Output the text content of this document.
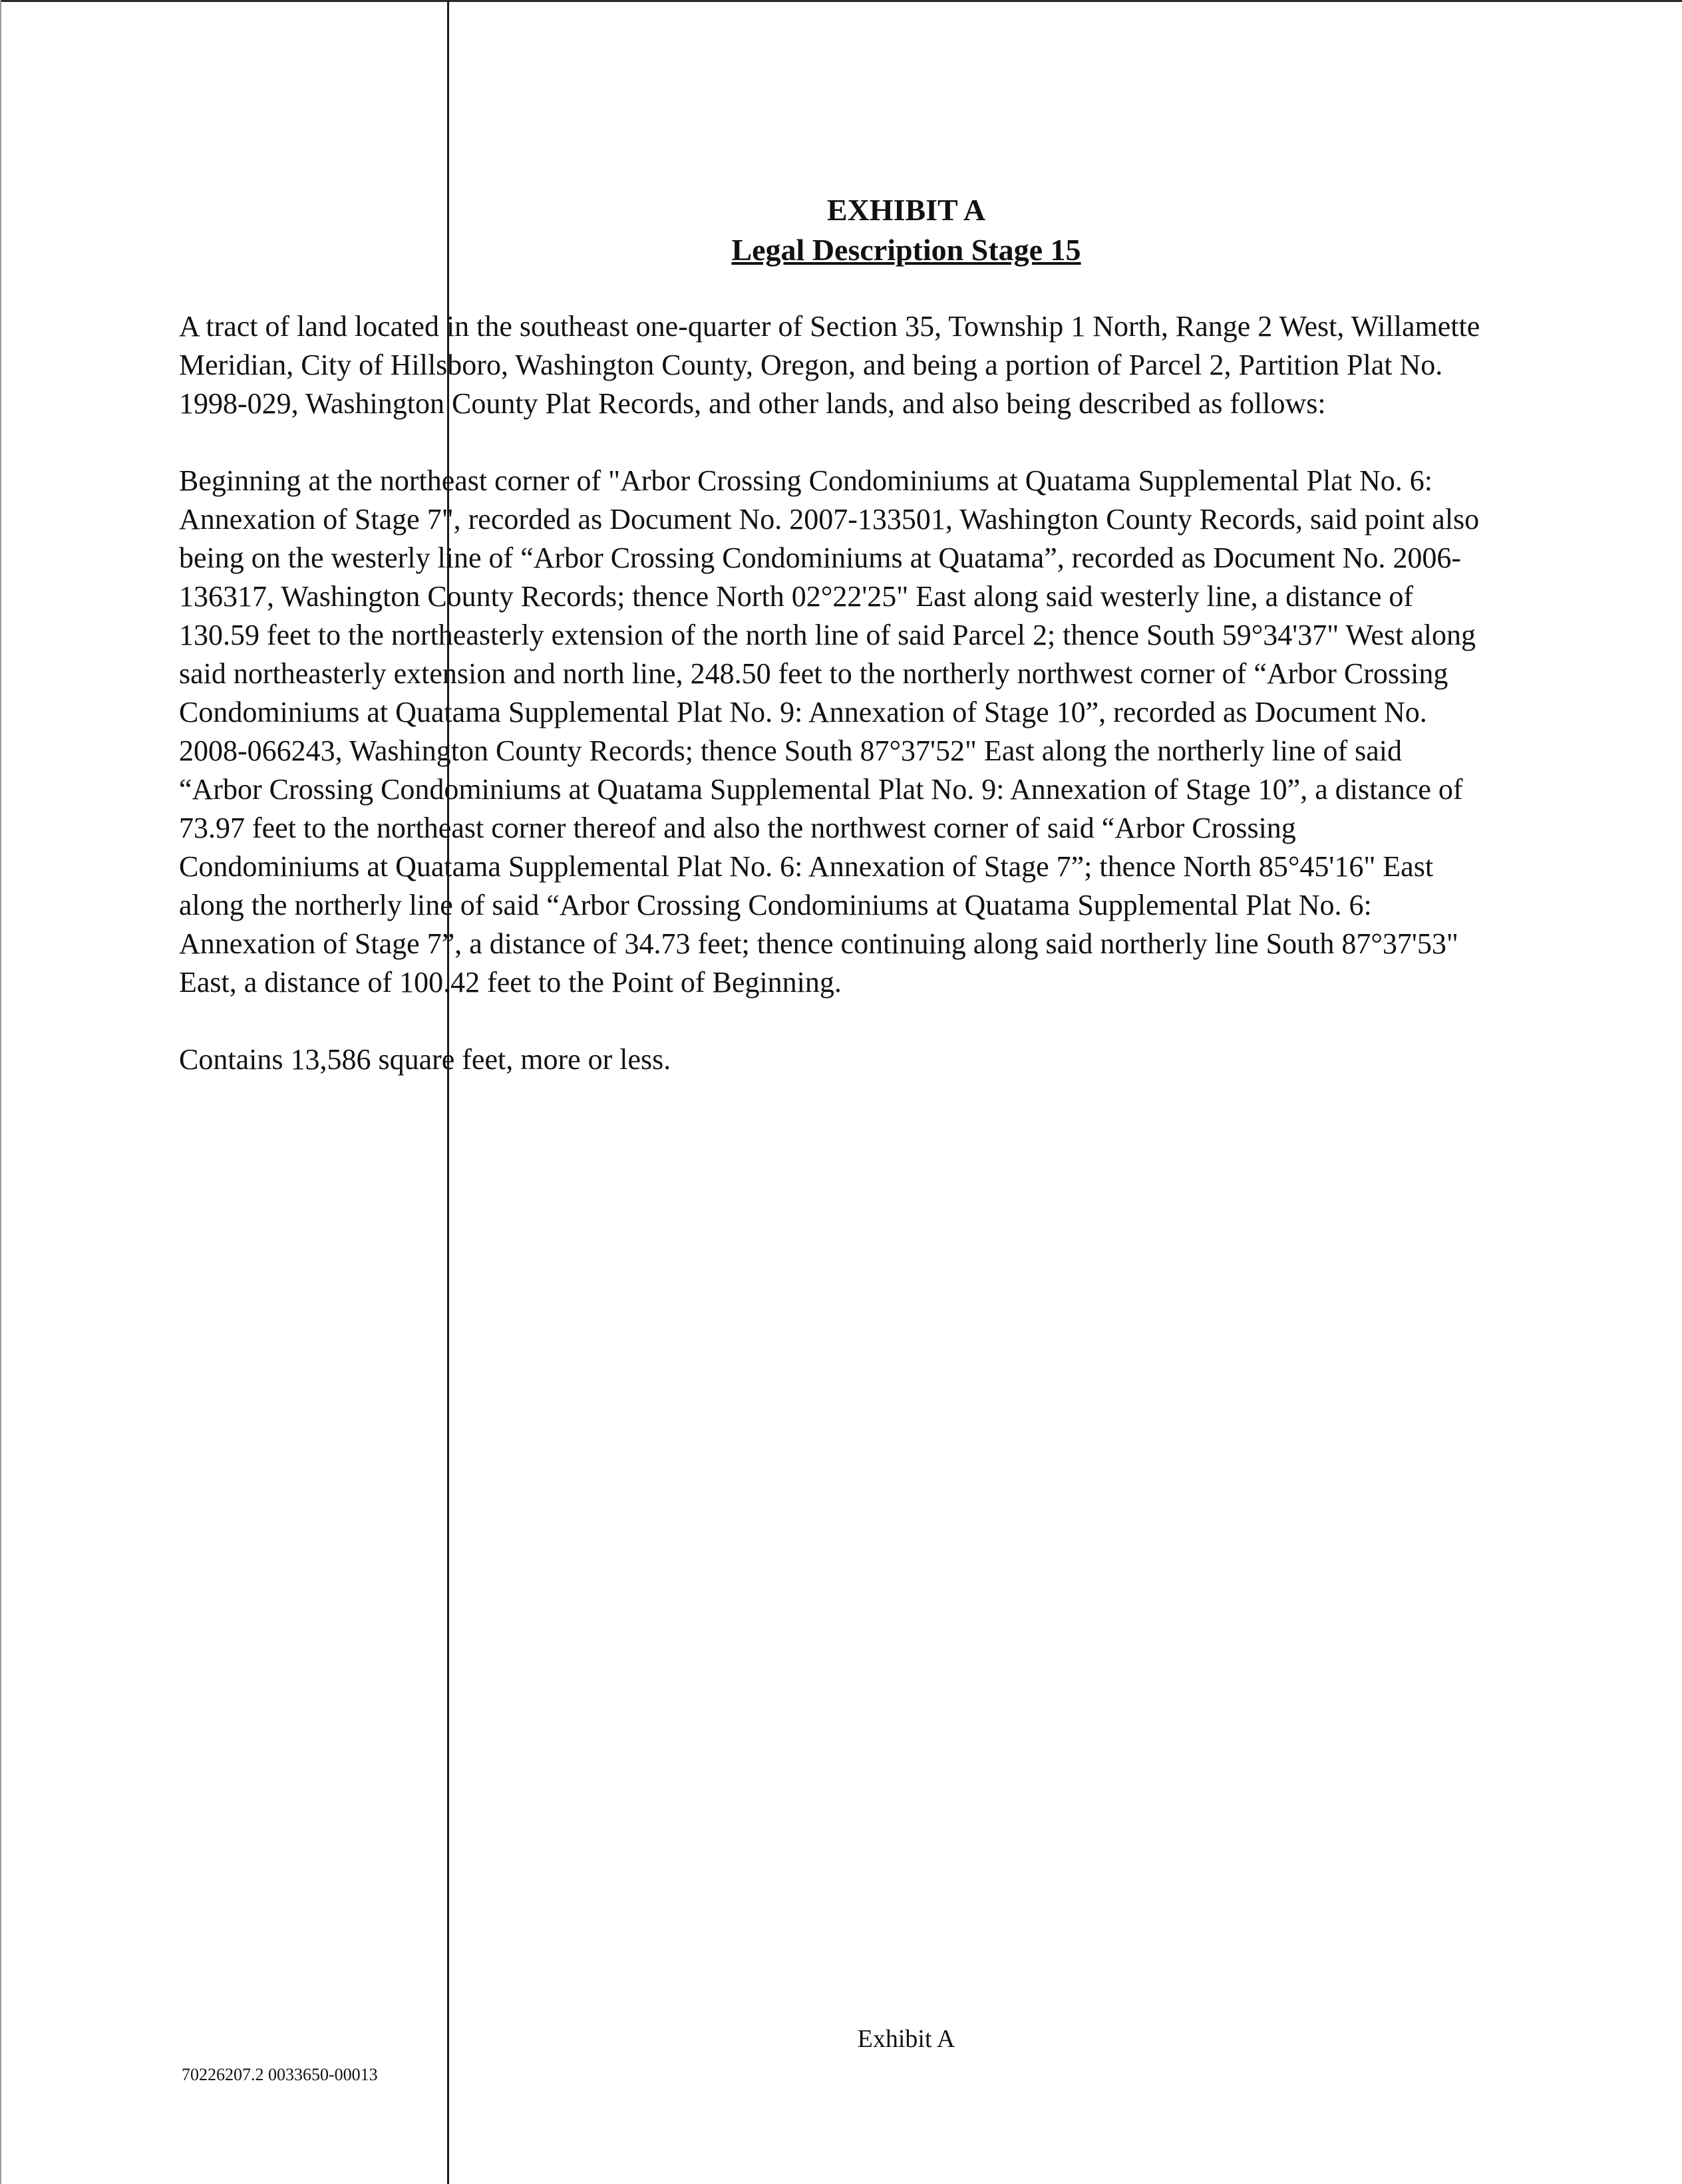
EXHIBIT A

Legal Description Stage 15

A tract of land located in the southeast one-quarter of Section 35, Township 1 North, Range 2 West, Willamette Meridian, City of Hillsboro, Washington County, Oregon, and being a portion of Parcel 2, Partition Plat No. 1998-029, Washington County Plat Records, and other lands, and also being described as follows:

Beginning at the northeast corner of "Arbor Crossing Condominiums at Quatama Supplemental Plat No. 6: Annexation of Stage 7", recorded as Document No. 2007-133501, Washington County Records, said point also being on the westerly line of “Arbor Crossing Condominiums at Quatama”, recorded as Document No. 2006-136317, Washington County Records; thence North 02°22'25" East along said westerly line, a distance of 130.59 feet to the northeasterly extension of the north line of said Parcel 2; thence South 59°34'37" West along said northeasterly extension and north line, 248.50 feet to the northerly northwest corner of “Arbor Crossing Condominiums at Quatama Supplemental Plat No. 9: Annexation of Stage 10”, recorded as Document No. 2008-066243, Washington County Records; thence South 87°37'52" East along the northerly line of said “Arbor Crossing Condominiums at Quatama Supplemental Plat No. 9: Annexation of Stage 10”, a distance of 73.97 feet to the northeast corner thereof and also the northwest corner of said “Arbor Crossing Condominiums at Quatama Supplemental Plat No. 6: Annexation of Stage 7”; thence North 85°45'16" East along the northerly line of said “Arbor Crossing Condominiums at Quatama Supplemental Plat No. 6: Annexation of Stage 7”, a distance of 34.73 feet; thence continuing along said northerly line South 87°37'53" East, a distance of 100.42 feet to the Point of Beginning.

Contains 13,586 square feet, more or less.

Exhibit A
70226207.2 0033650-00013
